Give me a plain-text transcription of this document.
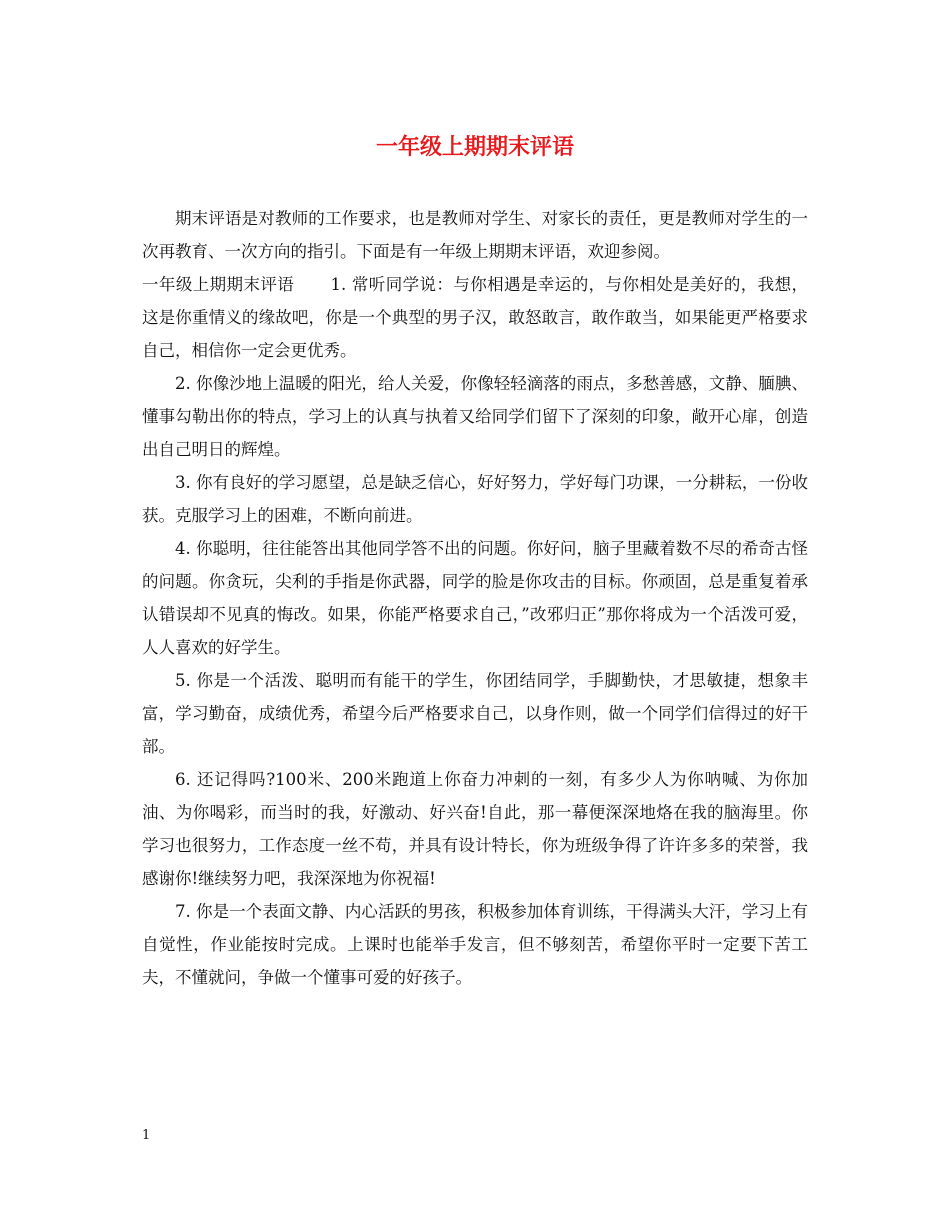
一年级上期期末评语

期末评语是对教师的工作要求，也是教师对学生、对家长的责任，更是教师对学生的一次再教育、一次方向的指引。下面是有一年级上期期末评语，欢迎参阅。

一年级上期期末评语 1. 常听同学说：与你相遇是幸运的，与你相处是美好的，我想，这是你重情义的缘故吧，你是一个典型的男子汉，敢怒敢言，敢作敢当，如果能更严格要求自己，相信你一定会更优秀。

2. 你像沙地上温暖的阳光，给人关爱，你像轻轻滴落的雨点，多愁善感，文静、腼腆、懂事勾勒出你的特点，学习上的认真与执着又给同学们留下了深刻的印象，敞开心扉，创造出自己明日的辉煌。

3. 你有良好的学习愿望，总是缺乏信心，好好努力，学好每门功课，一分耕耘，一份收获。克服学习上的困难，不断向前进。

4. 你聪明，往往能答出其他同学答不出的问题。你好问，脑子里藏着数不尽的希奇古怪的问题。你贪玩，尖利的手指是你武器，同学的脸是你攻击的目标。你顽固，总是重复着承认错误却不见真的悔改。如果，你能严格要求自己，”改邪归正”那你将成为一个活泼可爱，人人喜欢的好学生。

5. 你是一个活泼、聪明而有能干的学生，你团结同学，手脚勤快，才思敏捷，想象丰富，学习勤奋，成绩优秀，希望今后严格要求自己，以身作则，做一个同学们信得过的好干部。

6. 还记得吗?100米、200米跑道上你奋力冲刺的一刻，有多少人为你呐喊、为你加油、为你喝彩，而当时的我，好激动、好兴奋!自此，那一幕便深深地烙在我的脑海里。你学习也很努力，工作态度一丝不苟，并具有设计特长，你为班级争得了许许多多的荣誉，我感谢你!继续努力吧，我深深地为你祝福!

7. 你是一个表面文静、内心活跃的男孩，积极参加体育训练，干得满头大汗，学习上有自觉性，作业能按时完成。上课时也能举手发言，但不够刻苦，希望你平时一定要下苦工夫，不懂就问，争做一个懂事可爱的好孩子。

1
